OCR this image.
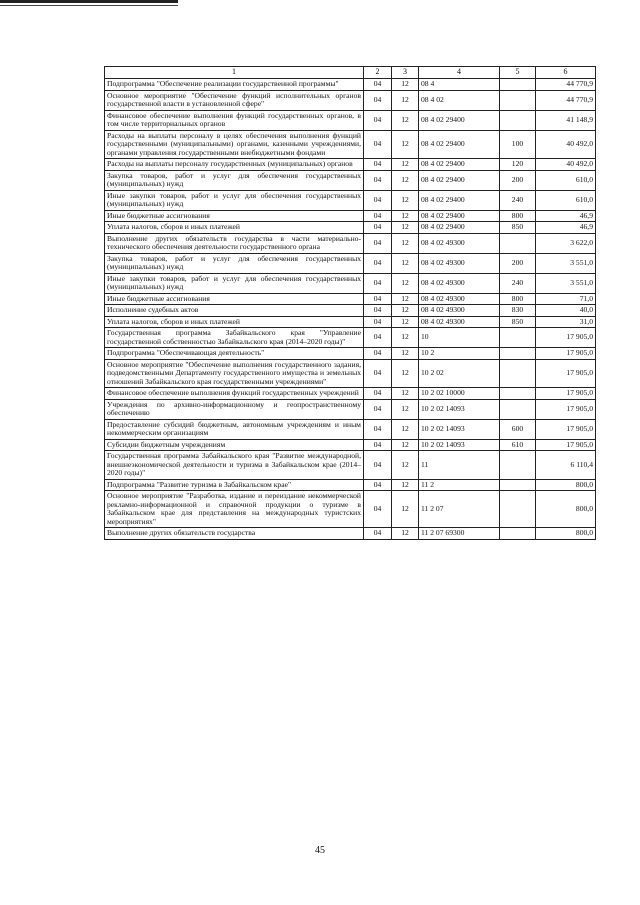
1	2	3	4	5	6
Подпрограмма "Обеспечение реализации государственной программы"	04	12	08 4		44 770,9
Основное мероприятие "Обеспечение функций исполнительных органов государственной власти в установленной сфере"	04	12	08 4 02		44 770,9
Финансовое обеспечение выполнения функций государственных органов, в том числе территориальных органов	04	12	08 4 02 29400		41 148,9
Расходы на выплаты персоналу в целях обеспечения выполнения функций государственными (муниципальными) органами, казенными учреждениями, органами управления государственными внебюджетными фондами	04	12	08 4 02 29400	100	40 492,0
Расходы на выплаты персоналу государственных (муниципальных) органов	04	12	08 4 02 29400	120	40 492,0
Закупка товаров, работ и услуг для обеспечения государственных (муниципальных) нужд	04	12	08 4 02 29400	200	610,0
Иные закупки товаров, работ и услуг для обеспечения государственных (муниципальных) нужд	04	12	08 4 02 29400	240	610,0
Иные бюджетные ассигнования	04	12	08 4 02 29400	800	46,9
Уплата налогов, сборов и иных платежей	04	12	08 4 02 29400	850	46,9
Выполнение других обязательств государства в части материально-технического обеспечения деятельности государственного органа	04	12	08 4 02 49300		3 622,0
Закупка товаров, работ и услуг для обеспечения государственных (муниципальных) нужд	04	12	08 4 02 49300	200	3 551,0
Иные закупки товаров, работ и услуг для обеспечения государственных (муниципальных) нужд	04	12	08 4 02 49300	240	3 551,0
Иные бюджетные ассигнования	04	12	08 4 02 49300	800	71,0
Исполнение судебных актов	04	12	08 4 02 49300	830	40,0
Уплата налогов, сборов и иных платежей	04	12	08 4 02 49300	850	31,0
Государственная программа Забайкальского края "Управление государственной собственностью Забайкальского края (2014–2020 годы)"	04	12	10		17 905,0
Подпрограмма "Обеспечивающая деятельность"	04	12	10 2		17 905,0
Основное мероприятие "Обеспечение выполнения государственного задания, подведомственными Департаменту государственного имущества и земельных отношений Забайкальского края государственными учреждениями"	04	12	10 2 02		17 905,0
Финансовое обеспечение выполнения функций государственных учреждений	04	12	10 2 02 10000		17 905,0
Учреждения по архивно-информационному и геопространственному обеспечению	04	12	10 2 02 14093		17 905,0
Предоставление субсидий бюджетным, автономным учреждениям и иным некоммерческим организациям	04	12	10 2 02 14093	600	17 905,0
Субсидии бюджетным учреждениям	04	12	10 2 02 14093	610	17 905,0
Государственная программа Забайкальского края "Развитие международной, внешнеэкономической деятельности и туризма в Забайкальском крае (2014–2020 годы)"	04	12	11		6 110,4
Подпрограмма "Развитие туризма в Забайкальском крае"	04	12	11 2		800,0
Основное мероприятие "Разработка, издание и переиздание некоммерческой рекламно-информационной и справочной продукции о туризме в Забайкальском крае для представления на международных туристских мероприятиях"	04	12	11 2 07		800,0
Выполнение других обязательств государства	04	12	11 2 07 69300		800,0
45
